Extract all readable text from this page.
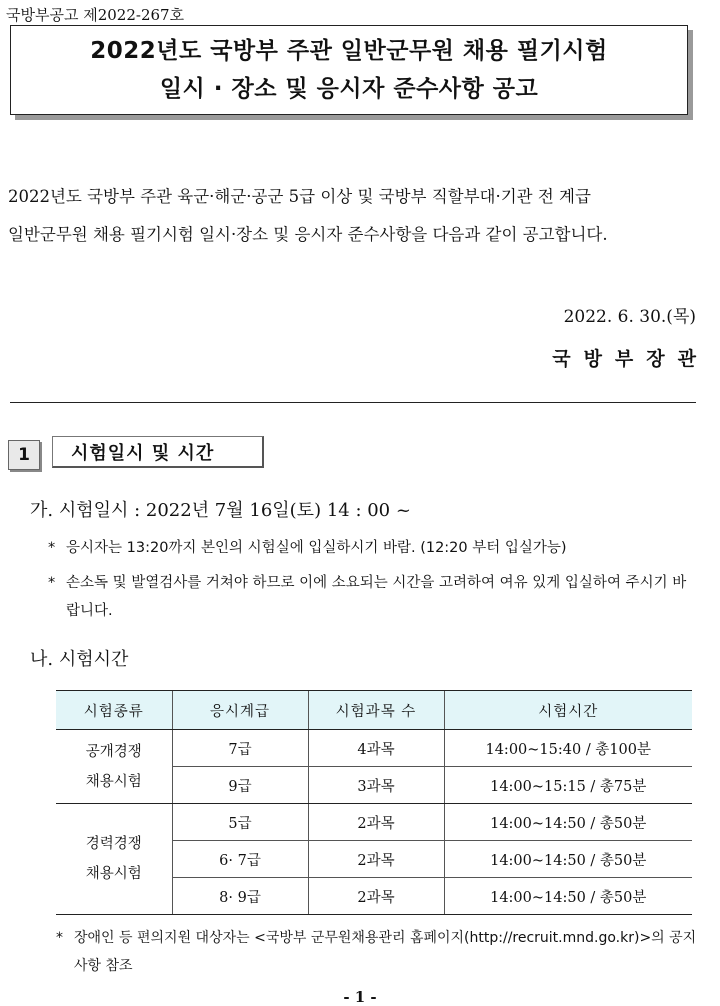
국방부공고 제2022-267호
2022년도 국방부 주관 일반군무원 채용 필기시험
일시 · 장소 및 응시자 준수사항 공고
2022년도 국방부 주관 육군·해군·공군 5급 이상 및 국방부 직할부대·기관 전 계급
일반군무원 채용 필기시험 일시·장소 및 응시자 준수사항을 다음과 같이 공고합니다.
2022. 6. 30.(목)
국방부장관
1	시험일시 및 시간
가. 시험일시 : 2022년 7월 16일(토) 14 : 00 ~
* 응시자는 13:20까지 본인의 시험실에 입실하시기 바람. (12:20 부터 입실가능)
* 손소독 및 발열검사를 거쳐야 하므로 이에 소요되는 시간을 고려하여 여유 있게 입실하여 주시기 바랍니다.
나. 시험시간
시험종류	응시계급	시험과목 수	시험시간
공개경쟁
채용시험	7급	4과목	14:00~15:40 / 총100분
	9급	3과목	14:00~15:15 / 총75분
경력경쟁
채용시험	5급	2과목	14:00~14:50 / 총50분
	6· 7급	2과목	14:00~14:50 / 총50분
	8· 9급	2과목	14:00~14:50 / 총50분
* 장애인 등 편의지원 대상자는 <국방부 군무원채용관리 홈페이지(http://recruit.mnd.go.kr)>의 공지사항 참조
- 1 -
